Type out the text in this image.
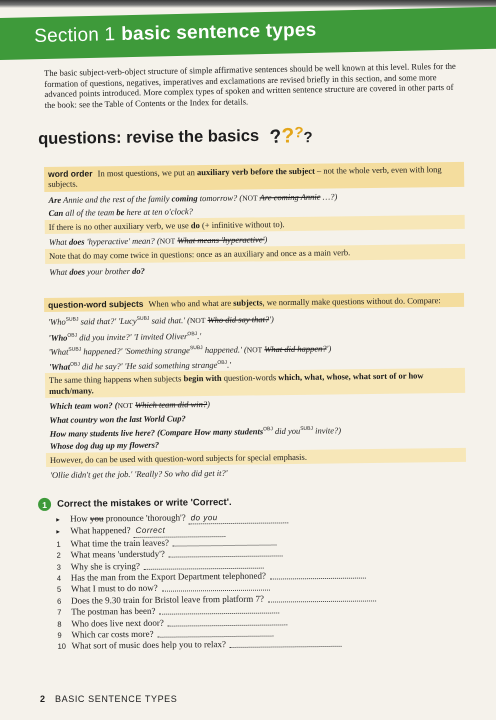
Section 1 basic sentence types

The basic subject-verb-object structure of simple affirmative sentences should be well known at this level. Rules for the formation of questions, negatives, imperatives and exclamations are revised briefly in this section, and some more advanced points introduced. More complex types of spoken and written sentence structure are covered in other parts of the book: see the Table of Contents or the Index for details.

questions: revise the basics ????
word order In most questions, we put an auxiliary verb before the subject – not the whole verb, even with long subjects.
Are Annie and the rest of the family coming tomorrow? (NOT Are coming Annie …?)
Can all of the team be here at ten o'clock?
If there is no other auxiliary verb, we use do (+ infinitive without to).
What does 'hyperactive' mean? (NOT What means 'hyperactive')
Note that do may come twice in questions: once as an auxiliary and once as a main verb.
What does your brother do?
question-word subjects When who and what are subjects, we normally make questions without do. Compare:
'Who$^{SUBJ}$ said that?' 'Lucy$^{SUBJ}$ said that.' (NOT Who did say that?')
'Who$^{OBJ}$ did you invite?' 'I invited Oliver$^{OBJ}$.'
'What$^{SUBJ}$ happened?' 'Something strange$^{SUBJ}$ happened.' (NOT What did happen?')
'What$^{OBJ}$ did he say?' 'He said something strange$^{OBJ}$.'
The same thing happens when subjects begin with question-words which, what, whose, what sort of or how much/many.
Which team won? (NOT Which team did win?)
What country won the last World Cup?
How many students live here? (Compare How many students$^{OBJ}$ did you$^{SUBJ}$ invite?)
Whose dog dug up my flowers?
However, do can be used with question-word subjects for special emphasis.
'Ollie didn't get the job.' 'Really? So who did get it?'
1	Correct the mistakes or write 'Correct'.
▸	How
you
pronounce 'thorough'? do you
▸	What happened? Correct
1	What time the train leaves?
2	What means 'understudy'?
3	Why she is crying?
4	Has the man from the Export Department telephoned?
5	What I must to do now?
6	Does the 9.30 train for Bristol leave from platform 7?
7	The postman has been?
8	Who does live next door?
9	Which car costs more?
10 What sort of music does help you to relax?
2 BASIC SENTENCE TYPES
